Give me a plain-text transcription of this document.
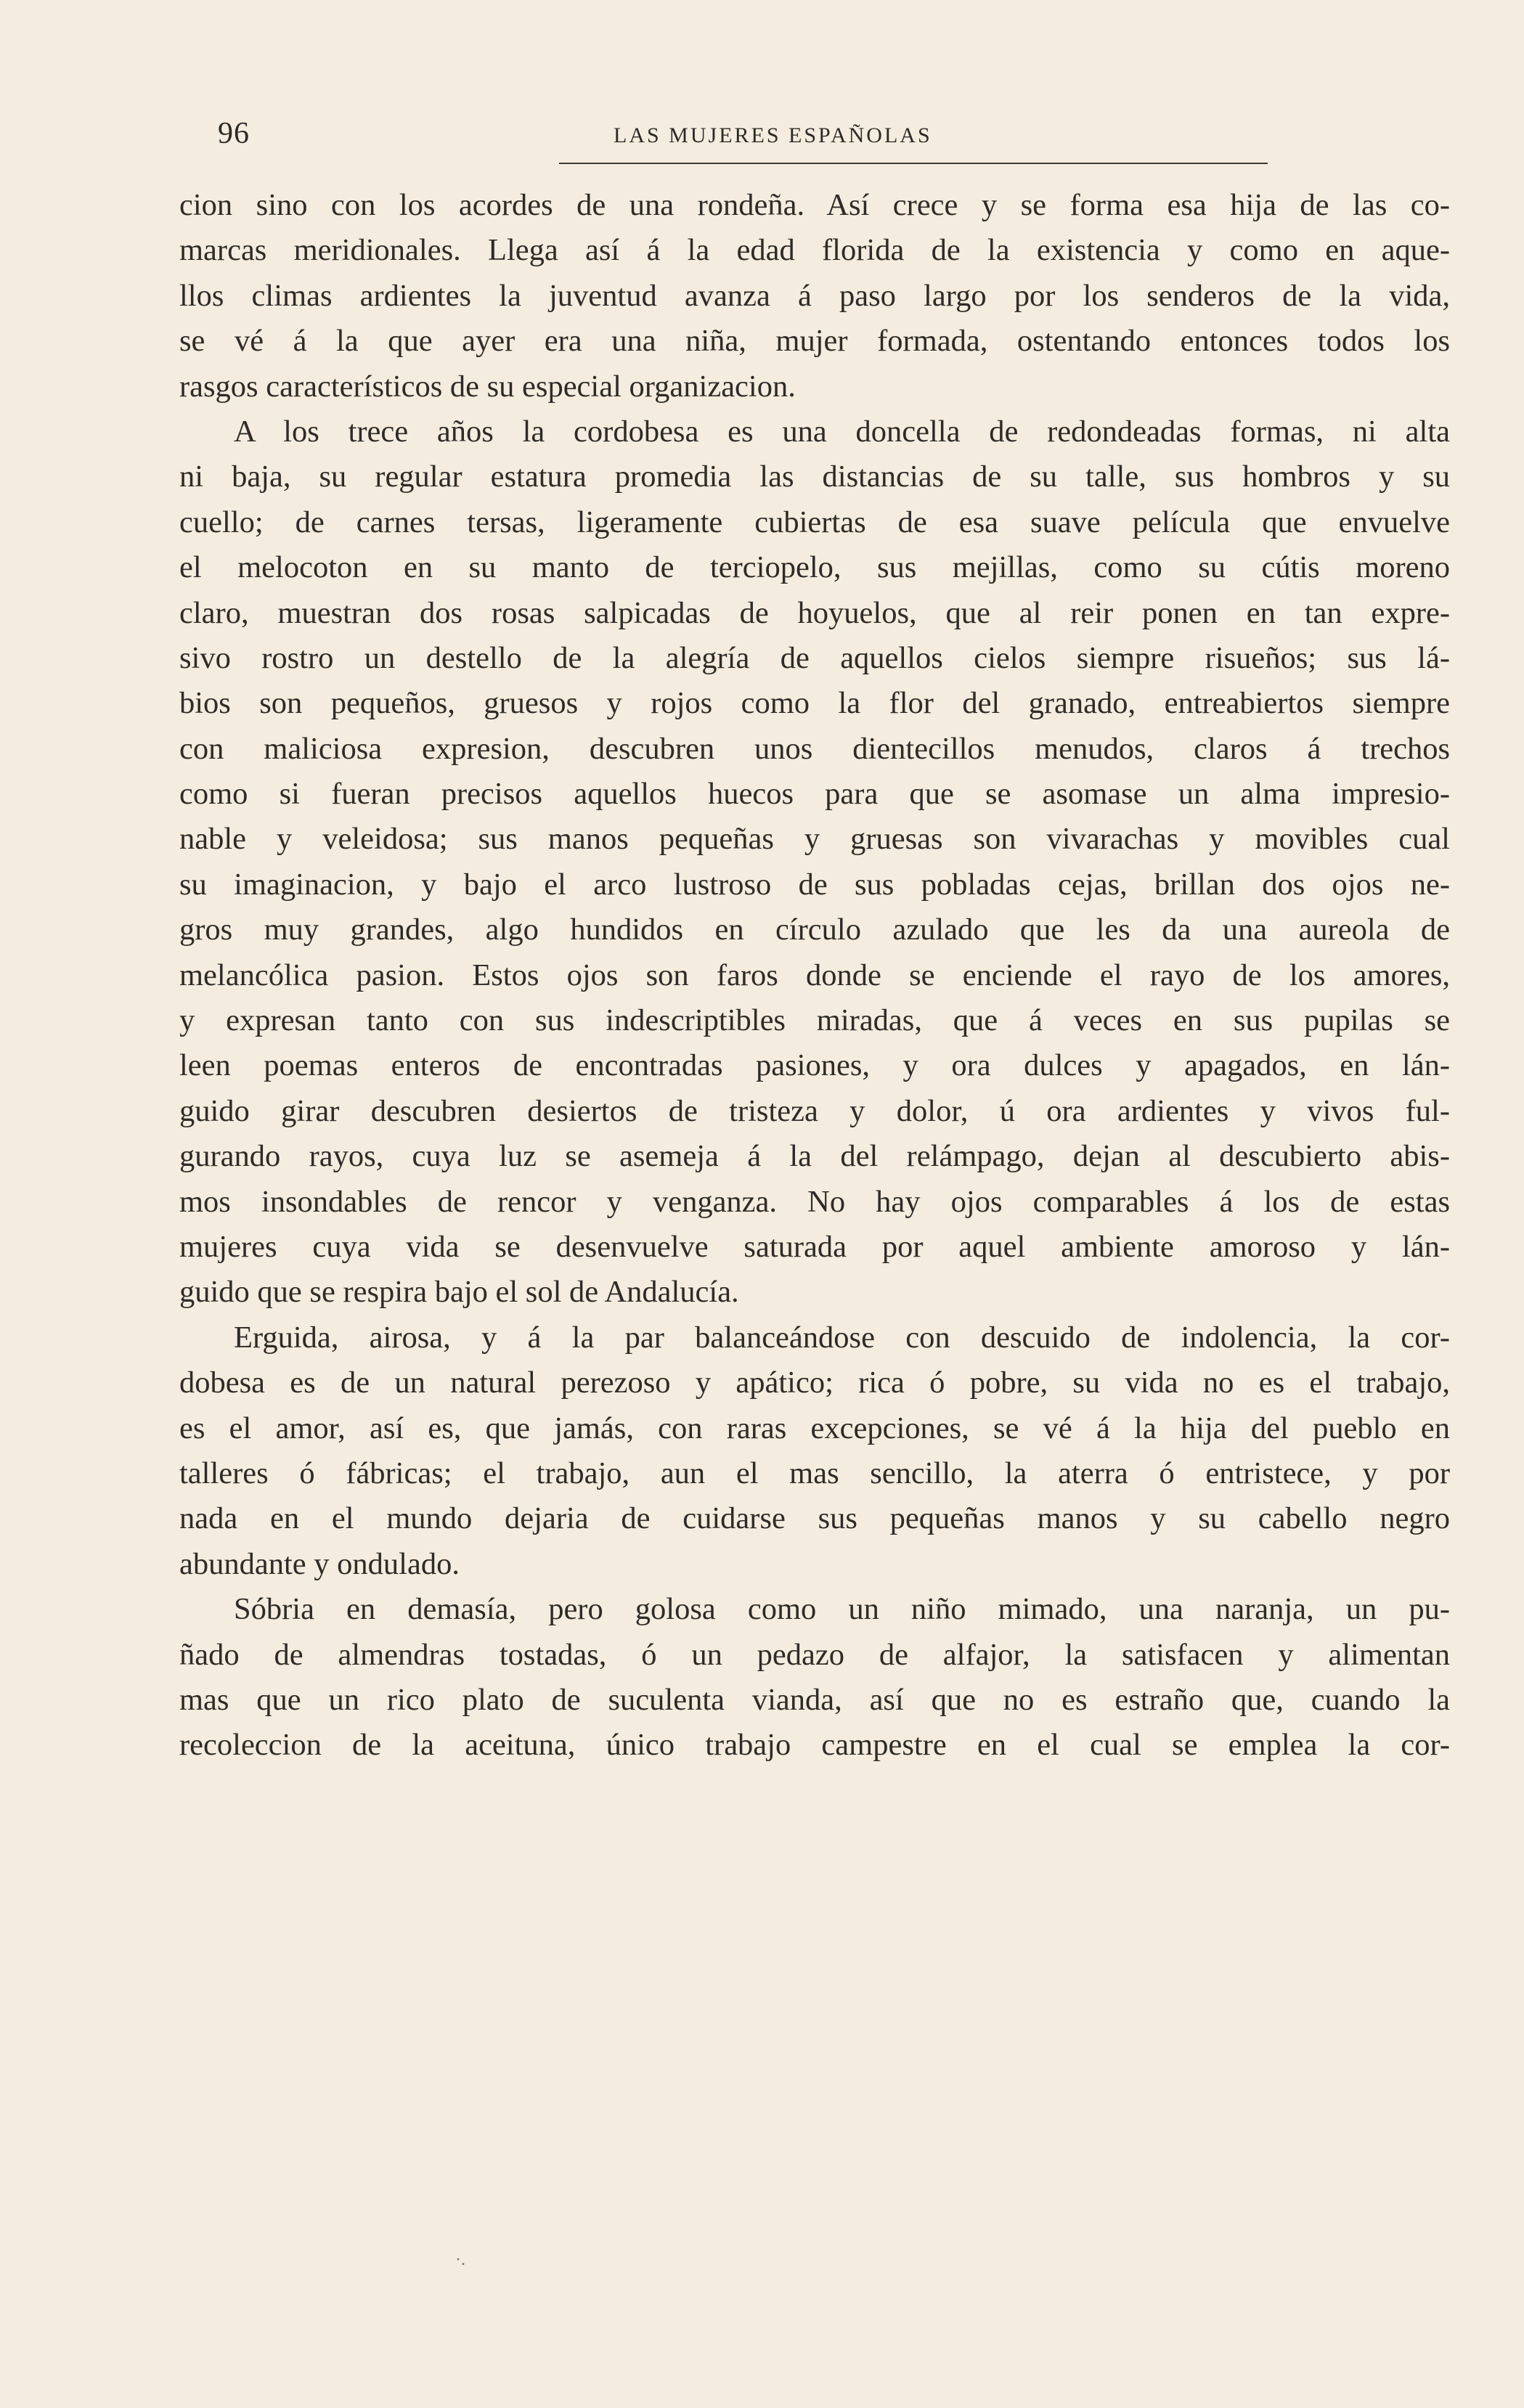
96	LAS MUJERES ESPAÑOLAS
cion sino con los acordes de una rondeña. Así crece y se forma esa hija de las co-
marcas meridionales. Llega así á la edad florida de la existencia y como en aque-
llos climas ardientes la juventud avanza á paso largo por los senderos de la vida,
se vé á la que ayer era una niña, mujer formada, ostentando entonces todos los
rasgos característicos de su especial organizacion.
A los trece años la cordobesa es una doncella de redondeadas formas, ni alta
ni baja, su regular estatura promedia las distancias de su talle, sus hombros y su
cuello; de carnes tersas, ligeramente cubiertas de esa suave película que envuelve
el melocoton en su manto de terciopelo, sus mejillas, como su cútis moreno
claro, muestran dos rosas salpicadas de hoyuelos, que al reir ponen en tan expre-
sivo rostro un destello de la alegría de aquellos cielos siempre risueños; sus lá-
bios son pequeños, gruesos y rojos como la flor del granado, entreabiertos siempre
con maliciosa expresion, descubren unos dientecillos menudos, claros á trechos
como si fueran precisos aquellos huecos para que se asomase un alma impresio-
nable y veleidosa; sus manos pequeñas y gruesas son vivarachas y movibles cual
su imaginacion, y bajo el arco lustroso de sus pobladas cejas, brillan dos ojos ne-
gros muy grandes, algo hundidos en círculo azulado que les da una aureola de
melancólica pasion. Estos ojos son faros donde se enciende el rayo de los amores,
y expresan tanto con sus indescriptibles miradas, que á veces en sus pupilas se
leen poemas enteros de encontradas pasiones, y ora dulces y apagados, en lán-
guido girar descubren desiertos de tristeza y dolor, ú ora ardientes y vivos ful-
gurando rayos, cuya luz se asemeja á la del relámpago, dejan al descubierto abis-
mos insondables de rencor y venganza. No hay ojos comparables á los de estas
mujeres cuya vida se desenvuelve saturada por aquel ambiente amoroso y lán-
guido que se respira bajo el sol de Andalucía.
Erguida, airosa, y á la par balanceándose con descuido de indolencia, la cor-
dobesa es de un natural perezoso y apático; rica ó pobre, su vida no es el trabajo,
es el amor, así es, que jamás, con raras excepciones, se vé á la hija del pueblo en
talleres ó fábricas; el trabajo, aun el mas sencillo, la aterra ó entristece, y por
nada en el mundo dejaria de cuidarse sus pequeñas manos y su cabello negro
abundante y ondulado.
Sóbria en demasía, pero golosa como un niño mimado, una naranja, un pu-
ñado de almendras tostadas, ó un pedazo de alfajor, la satisfacen y alimentan
mas que un rico plato de suculenta vianda, así que no es estraño que, cuando la
recoleccion de la aceituna, único trabajo campestre en el cual se emplea la cor-
·.
